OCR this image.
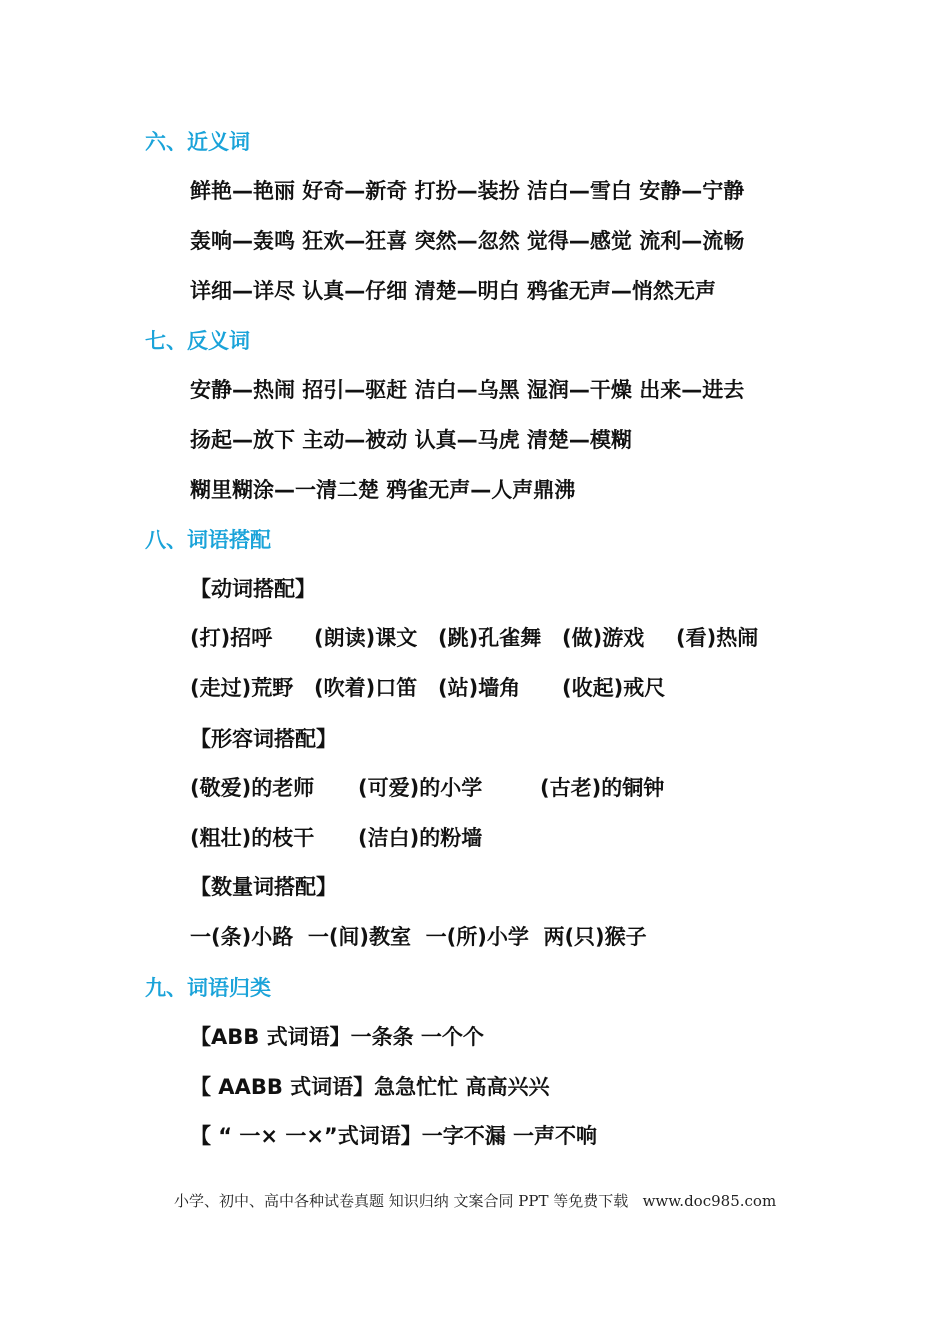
六、近义词
鲜艳—艳丽 好奇—新奇 打扮—装扮 洁白—雪白 安静—宁静
轰响—轰鸣 狂欢—狂喜 突然—忽然 觉得—感觉 流利—流畅
详细—详尽 认真—仔细 清楚—明白 鸦雀无声—悄然无声
七、反义词
安静—热闹 招引—驱赶 洁白—乌黑 湿润—干燥 出来—进去
扬起—放下 主动—被动 认真—马虎 清楚—模糊
糊里糊涂—一清二楚 鸦雀无声—人声鼎沸
八、词语搭配
【动词搭配】
(打)招呼 (朗读)课文 (跳)孔雀舞 (做)游戏 (看)热闹
(走过)荒野 (吹着)口笛 (站)墙角 (收起)戒尺
【形容词搭配】
(敬爱)的老师 (可爱)的小学	(古老)的铜钟
(粗壮)的枝干 (洁白)的粉墙
【数量词搭配】
一(条)小路  一(间)教室  一(所)小学  两(只)猴子
九、词语归类
【ABB 式词语】一条条 一个个
【 AABB 式词语】急急忙忙 高高兴兴
【 “ 一× 一×”式词语】一字不漏 一声不响
小学、初中、高中各种试卷真题 知识归纳 文案合同 PPT 等免费下载   www.doc985.com
